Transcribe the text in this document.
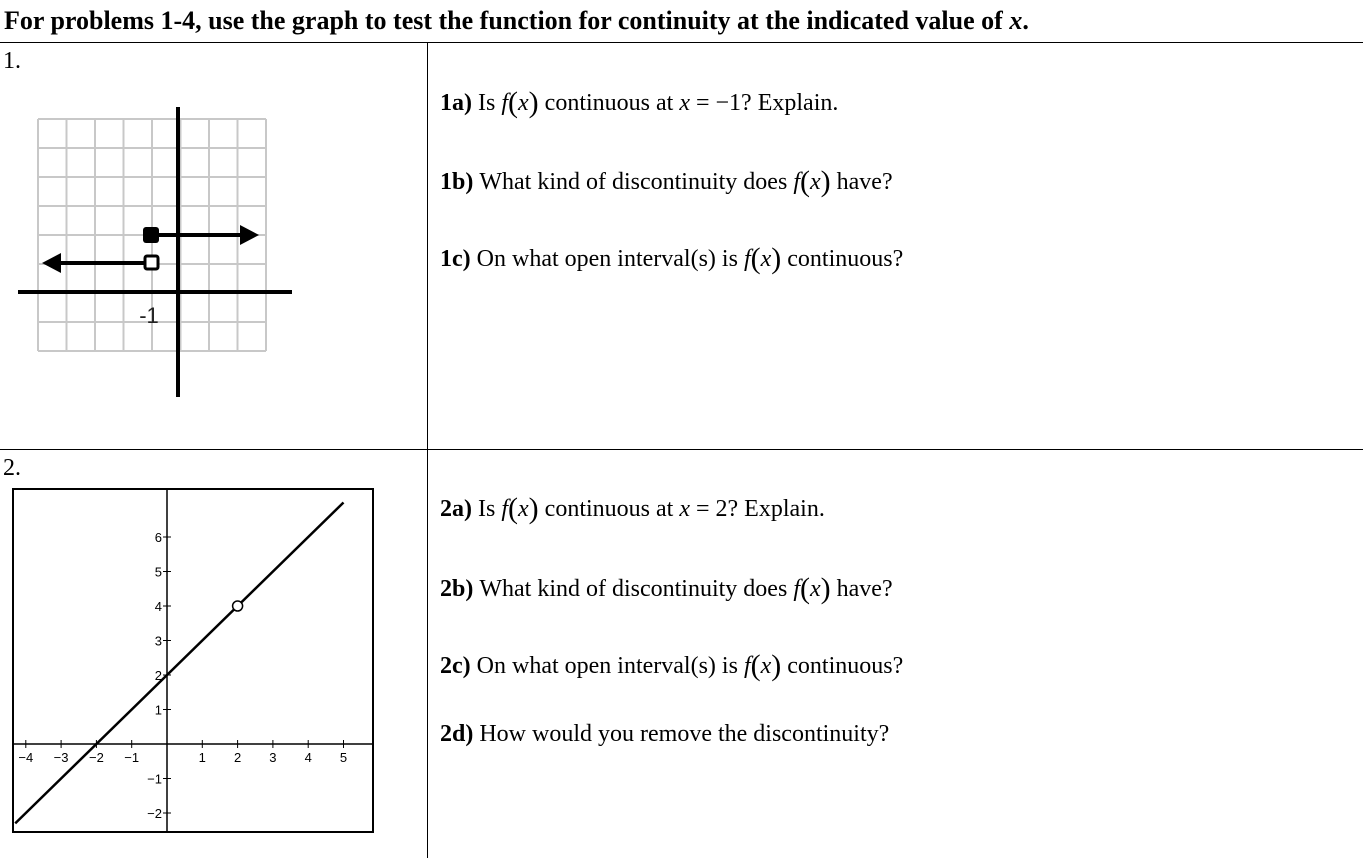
For problems 1-4, use the graph to test the function for continuity at the indicated value of x.
1.
2.
-1
1a) Is f(x) continuous at x = −1? Explain.
1b) What kind of discontinuity does f(x) have?
1c) On what open interval(s) is f(x) continuous?
−4 −3 −2 −1	1 2 3 4 5
6
5
4
3
2
1
−1
−2
2a) Is f(x) continuous at x = 2? Explain.
2b) What kind of discontinuity does f(x) have?
2c) On what open interval(s) is f(x) continuous?
2d) How would you remove the discontinuity?
